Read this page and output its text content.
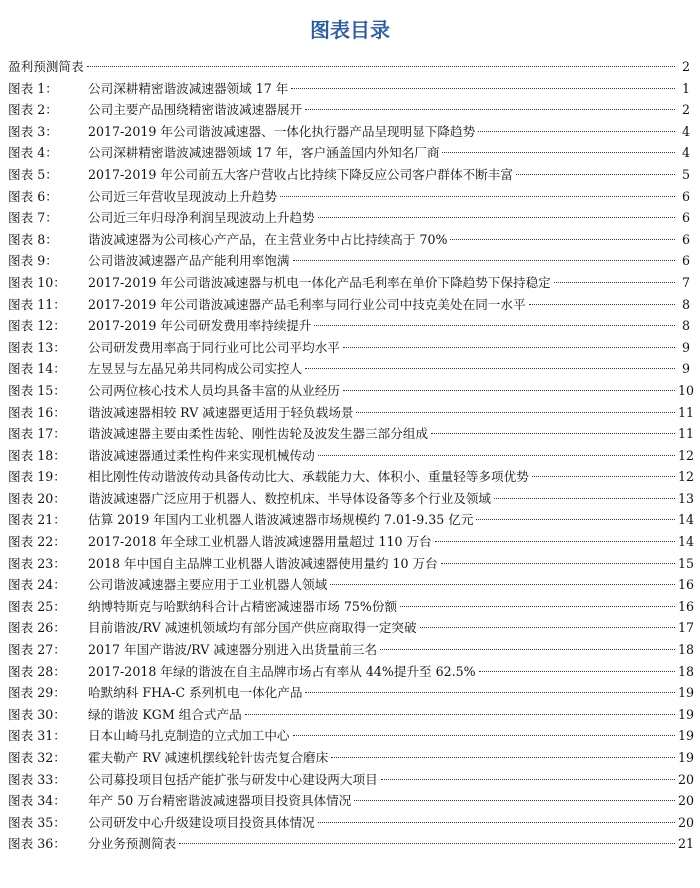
图表目录
盈利预测简表	2
图表 1：	公司深耕精密谐波减速器领域 17 年	1
图表 2：	公司主要产品围绕精密谐波减速器展开	2
图表 3：	2017-2019 年公司谐波减速器、一体化执行器产品呈现明显下降趋势	4
图表 4：	公司深耕精密谐波减速器领域 17 年，客户涵盖国内外知名厂商	4
图表 5：	2017-2019 年公司前五大客户营收占比持续下降反应公司客户群体不断丰富	5
图表 6：	公司近三年营收呈现波动上升趋势	6
图表 7：	公司近三年归母净利润呈现波动上升趋势	6
图表 8：	谐波减速器为公司核心产产品，在主营业务中占比持续高于 70%	6
图表 9：	公司谐波减速器产品产能利用率饱满	6
图表 10：	2017-2019 年公司谐波减速器与机电一体化产品毛利率在单价下降趋势下保持稳定	7
图表 11：	2017-2019 年公司谐波减速器产品毛利率与同行业公司中技克美处在同一水平	8
图表 12：	2017-2019 年公司研发费用率持续提升	8
图表 13：	公司研发费用率高于同行业可比公司平均水平	9
图表 14：	左昱昱与左晶兄弟共同构成公司实控人	9
图表 15：	公司两位核心技术人员均具备丰富的从业经历	10
图表 16：	谐波减速器相较 RV 减速器更适用于轻负载场景	11
图表 17：	谐波减速器主要由柔性齿轮、刚性齿轮及波发生器三部分组成	11
图表 18：	谐波减速器通过柔性构件来实现机械传动	12
图表 19：	相比刚性传动谐波传动具备传动比大、承载能力大、体积小、重量轻等多项优势	12
图表 20：	谐波减速器广泛应用于机器人、数控机床、半导体设备等多个行业及领域	13
图表 21：	估算 2019 年国内工业机器人谐波减速器市场规模约 7.01-9.35 亿元	14
图表 22：	2017-2018 年全球工业机器人谐波减速器用量超过 110 万台	14
图表 23：	2018 年中国自主品牌工业机器人谐波减速器使用量约 10 万台	15
图表 24：	公司谐波减速器主要应用于工业机器人领域	16
图表 25：	纳博特斯克与哈默纳科合计占精密减速器市场 75%份额	16
图表 26：	目前谐波/RV 减速机领域均有部分国产供应商取得一定突破	17
图表 27：	2017 年国产谐波/RV 减速器分别进入出货量前三名	18
图表 28：	2017-2018 年绿的谐波在自主品牌市场占有率从 44%提升至 62.5%	18
图表 29：	哈默纳科 FHA-C 系列机电一体化产品	19
图表 30：	绿的谐波 KGM 组合式产品	19
图表 31：	日本山崎马扎克制造的立式加工中心	19
图表 32：	霍夫勒产 RV 减速机摆线轮针齿壳复合磨床	19
图表 33：	公司募投项目包括产能扩张与研发中心建设两大项目	20
图表 34：	年产 50 万台精密谐波减速器项目投资具体情况	20
图表 35：	公司研发中心升级建设项目投资具体情况	20
图表 36：	分业务预测简表	21
